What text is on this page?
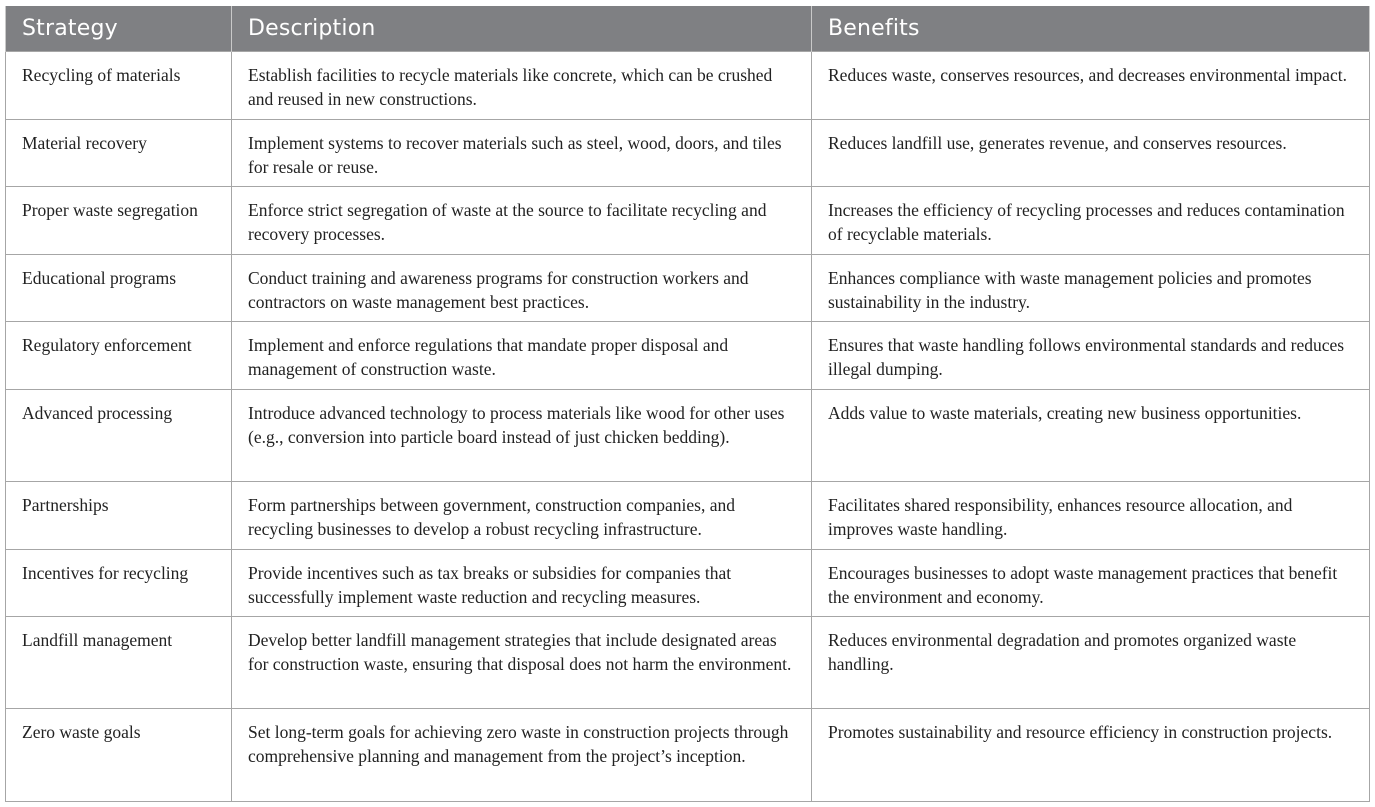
Strategy	Description	Benefits
Recycling of materials	Establish facilities to recycle materials like concrete, which can be crushed and reused in new constructions.	Reduces waste, conserves resources, and decreases environmental impact.
Material recovery	Implement systems to recover materials such as steel, wood, doors, and tiles for resale or reuse.	Reduces landfill use, generates revenue, and conserves resources.
Proper waste segregation	Enforce strict segregation of waste at the source to facilitate recycling and recovery processes.	Increases the efficiency of recycling processes and reduces contamination of recyclable materials.
Educational programs	Conduct training and awareness programs for construction workers and contractors on waste management best practices.	Enhances compliance with waste management policies and promotes sustainability in the industry.
Regulatory enforcement	Implement and enforce regulations that mandate proper disposal and management of construction waste.	Ensures that waste handling follows environmental standards and reduces illegal dumping.
Advanced processing	Introduce advanced technology to process materials like wood for other uses (e.g., conversion into particle board instead of just chicken bedding).	Adds value to waste materials, creating new business opportunities.
Partnerships	Form partnerships between government, construction companies, and recycling businesses to develop a robust recycling infrastructure.	Facilitates shared responsibility, enhances resource allocation, and improves waste handling.
Incentives for recycling	Provide incentives such as tax breaks or subsidies for companies that successfully implement waste reduction and recycling measures.	Encourages businesses to adopt waste management practices that benefit the environment and economy.
Landfill management	Develop better landfill management strategies that include designated areas for construction waste, ensuring that disposal does not harm the environment.	Reduces environmental degradation and promotes organized waste handling.
Zero waste goals	Set long-term goals for achieving zero waste in construction projects through comprehensive planning and management from the project’s inception.	Promotes sustainability and resource efficiency in construction projects.
